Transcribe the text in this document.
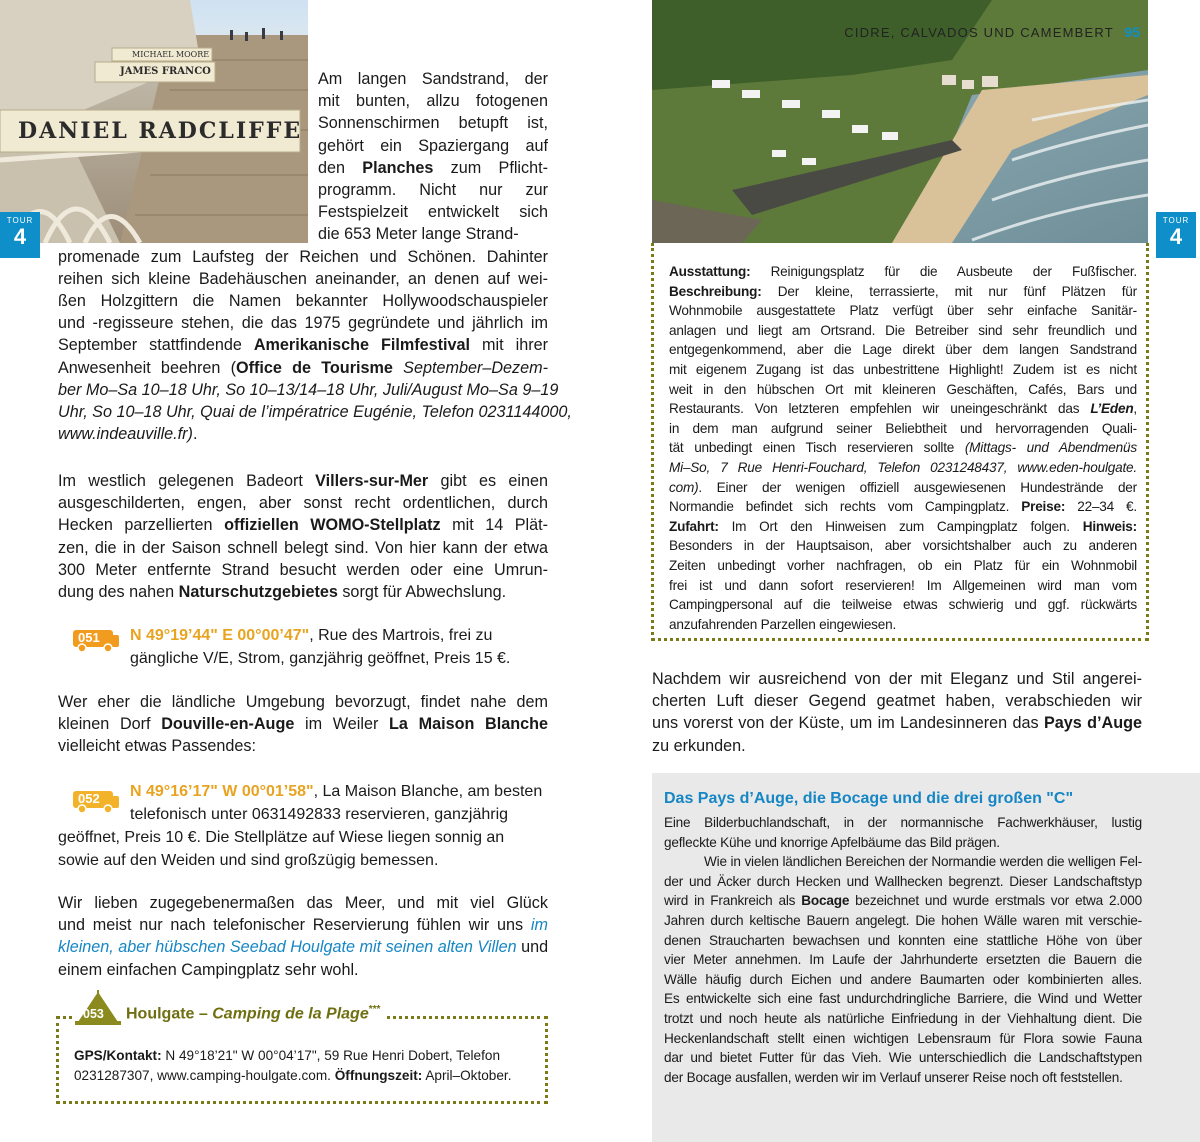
DANIEL RADCLIFFE
JAMES FRANCO
MICHAEL MOORE
TOUR
4
Am langen Sandstrand, der
mit bunten, allzu fotogenen
Sonnenschirmen betupft ist,
gehört ein Spaziergang auf
den Planches zum Pflicht-
programm. Nicht nur zur
Festspielzeit entwickelt sich
die 653 Meter lange Strand-
promenade zum Laufsteg der Reichen und Schönen. Dahinter
reihen sich kleine Badehäuschen aneinander, an denen auf wei-
ßen Holzgittern die Namen bekannter Hollywoodschauspieler
und -regisseure stehen, die das 1975 gegründete und jährlich im
September stattfindende Amerikanische Filmfestival mit ihrer
Anwesenheit beehren (Office de Tourisme September–Dezem-
ber Mo–Sa 10–18 Uhr, So 10–13/14–18 Uhr, Juli/August Mo–Sa 9–19
Uhr, So 10–18 Uhr, Quai de l’impératrice Eugénie, Telefon 0231144000,
www.indeauville.fr).
Im westlich gelegenen Badeort Villers-sur-Mer gibt es einen
ausgeschilderten, engen, aber sonst recht ordentlichen, durch
Hecken parzellierten offiziellen WOMO-Stellplatz mit 14 Plät-
zen, die in der Saison schnell belegt sind. Von hier kann der etwa
300 Meter entfernte Strand besucht werden oder eine Umrun-
dung des nahen Naturschutzgebietes sorgt für Abwechslung.
051 N 49°19’44" E 00°00’47", Rue des Martrois, frei zu
gängliche V/E, Strom, ganzjährig geöffnet, Preis 15 €.
Wer eher die ländliche Umgebung bevorzugt, findet nahe dem
kleinen Dorf Douville-en-Auge im Weiler La Maison Blanche
vielleicht etwas Passendes:
052 N 49°16’17" W 00°01’58", La Maison Blanche, am besten
telefonisch unter 0631492833 reservieren, ganzjährig
geöffnet, Preis 10 €. Die Stellplätze auf Wiese liegen sonnig an
sowie auf den Weiden und sind großzügig bemessen.
Wir lieben zugegebenermaßen das Meer, und mit viel Glück
und meist nur nach telefonischer Reservierung fühlen wir uns im
kleinen, aber hübschen Seebad Houlgate mit seinen alten Villen und
einem einfachen Campingplatz sehr wohl.
053 Houlgate – Camping de la Plage***
GPS/Kontakt: N 49°18’21" W 00°04’17", 59 Rue Henri Dobert, Telefon
0231287307, www.camping-houlgate.com. Öffnungszeit: April–Oktober.
CIDRE, CALVADOS UND CAMEMBERT 95
TOUR
4
Ausstattung: Reinigungsplatz für die Ausbeute der Fußfischer.
Beschreibung: Der kleine, terrassierte, mit nur fünf Plätzen für
Wohnmobile ausgestattete Platz verfügt über sehr einfache Sanitär-
anlagen und liegt am Ortsrand. Die Betreiber sind sehr freundlich und
entgegenkommend, aber die Lage direkt über dem langen Sandstrand
mit eigenem Zugang ist das unbestrittene Highlight! Zudem ist es nicht
weit in den hübschen Ort mit kleineren Geschäften, Cafés, Bars und
Restaurants. Von letzteren empfehlen wir uneingeschränkt das L’Eden,
in dem man aufgrund seiner Beliebtheit und hervorragenden Quali-
tät unbedingt einen Tisch reservieren sollte (Mittags- und Abendmenüs
Mi–So, 7 Rue Henri-Fouchard, Telefon 0231248437, www.eden-houlgate.
com). Einer der wenigen offiziell ausgewiesenen Hundestrände der
Normandie befindet sich rechts vom Campingplatz. Preise: 22–34 €.
Zufahrt: Im Ort den Hinweisen zum Campingplatz folgen. Hinweis:
Besonders in der Hauptsaison, aber vorsichtshalber auch zu anderen
Zeiten unbedingt vorher nachfragen, ob ein Platz für ein Wohnmobil
frei ist und dann sofort reservieren! Im Allgemeinen wird man vom
Campingpersonal auf die teilweise etwas schwierig und ggf. rückwärts
anzufahrenden Parzellen eingewiesen.
Nachdem wir ausreichend von der mit Eleganz und Stil angerei-
cherten Luft dieser Gegend geatmet haben, verabschieden wir
uns vorerst von der Küste, um im Landesinneren das Pays d’Auge
zu erkunden.
Das Pays d’Auge, die Bocage und die drei großen "C"
Eine Bilderbuchlandschaft, in der normannische Fachwerkhäuser, lustig
gefleckte Kühe und knorrige Apfelbäume das Bild prägen.
Wie in vielen ländlichen Bereichen der Normandie werden die welligen Fel-
der und Äcker durch Hecken und Wallhecken begrenzt. Dieser Landschaftstyp
wird in Frankreich als Bocage bezeichnet und wurde erstmals vor etwa 2.000
Jahren durch keltische Bauern angelegt. Die hohen Wälle waren mit verschie-
denen Straucharten bewachsen und konnten eine stattliche Höhe von über
vier Meter annehmen. Im Laufe der Jahrhunderte ersetzten die Bauern die
Wälle häufig durch Eichen und andere Baumarten oder kombinierten alles.
Es entwickelte sich eine fast undurchdringliche Barriere, die Wind und Wetter
trotzt und noch heute als natürliche Einfriedung in der Viehhaltung dient. Die
Heckenlandschaft stellt einen wichtigen Lebensraum für Flora sowie Fauna
dar und bietet Futter für das Vieh. Wie unterschiedlich die Landschaftstypen
der Bocage ausfallen, werden wir im Verlauf unserer Reise noch oft feststellen.
